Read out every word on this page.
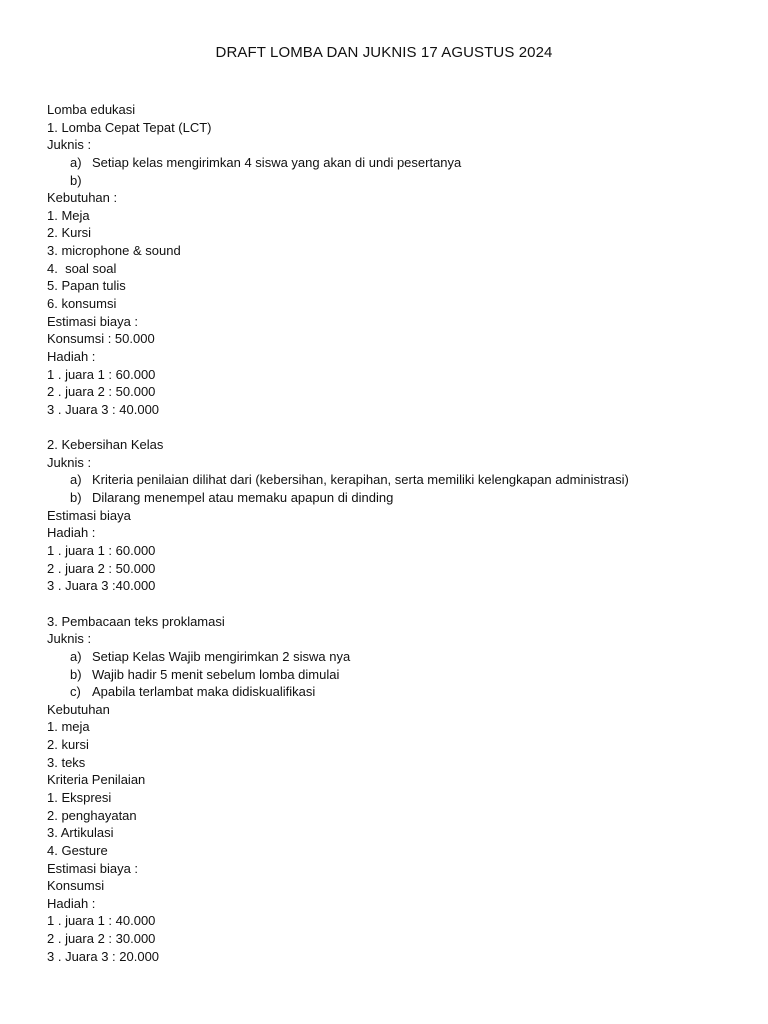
DRAFT LOMBA DAN JUKNIS 17 AGUSTUS 2024
Lomba edukasi
1. Lomba Cepat Tepat (LCT)
Juknis :
a) Setiap kelas mengirimkan 4 siswa yang akan di undi pesertanya
b)
Kebutuhan :
1. Meja
2. Kursi
3. microphone & sound
4.  soal soal
5. Papan tulis
6. konsumsi
Estimasi biaya :
Konsumsi : 50.000
Hadiah :
1 . juara 1 : 60.000
2 . juara 2 : 50.000
3 . Juara 3 : 40.000
2. Kebersihan Kelas
Juknis :
a) Kriteria penilaian dilihat dari (kebersihan, kerapihan, serta memiliki kelengkapan administrasi)
b) Dilarang menempel atau memaku apapun di dinding
Estimasi biaya
Hadiah :
1 . juara 1 : 60.000
2 . juara 2 : 50.000
3 . Juara 3 :40.000
3. Pembacaan teks proklamasi
Juknis :
a) Setiap Kelas Wajib mengirimkan 2 siswa nya
b) Wajib hadir 5 menit sebelum lomba dimulai
c) Apabila terlambat maka didiskualifikasi
Kebutuhan
1. meja
2. kursi
3. teks
Kriteria Penilaian
1. Ekspresi
2. penghayatan
3. Artikulasi
4. Gesture
Estimasi biaya :
Konsumsi
Hadiah :
1 . juara 1 : 40.000
2 . juara 2 : 30.000
3 . Juara 3 : 20.000
